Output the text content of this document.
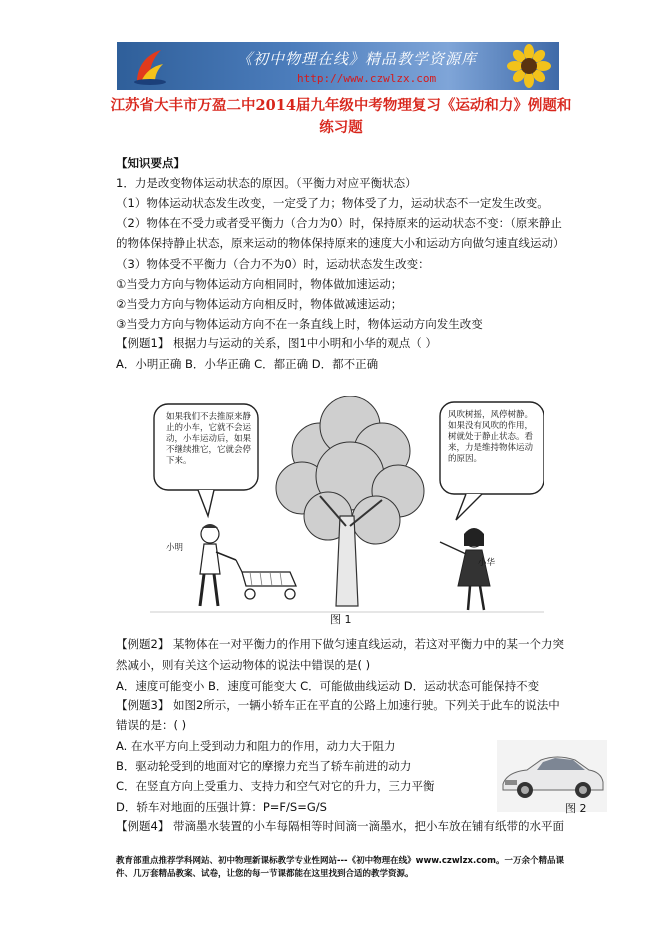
《初中物理在线》精品教学资源库
http://www.czwlzx.com
江苏省大丰市万盈二中2014届九年级中考物理复习《运动和力》例题和练习题
【知识要点】
1．力是改变物体运动状态的原因。（平衡力对应平衡状态）
（1）物体运动状态发生改变，一定受了力；物体受了力，运动状态不一定发生改变。
（2）物体在不受力或者受平衡力（合力为0）时，保持原来的运动状态不变：（原来静止
的物体保持静止状态，原来运动的物体保持原来的速度大小和运动方向做匀速直线运动）
（3）物体受不平衡力（合力不为0）时，运动状态发生改变：
①当受力方向与物体运动方向相同时，物体做加速运动；
②当受力方向与物体运动方向相反时，物体做减速运动；
③当受力方向与物体运动方向不在一条直线上时，物体运动方向发生改变
【例题1】 根据力与运动的关系，图1中小明和小华的观点（ ）
A．小明正确 B．小华正确 C．都正确 D．都不正确
如果我们不去推原来静止的小车，它就不会运动，小车运动后，如果不继续推它，它就会停下来。
风吹树摇，风停树静。如果没有风吹的作用，树就处于静止状态。看来，力是维持物体运动的原因。
小明
小华
图 1
【例题2】 某物体在一对平衡力的作用下做匀速直线运动，若这对平衡力中的某一个力突
然减小，则有关这个运动物体的说法中错误的是( )
A．速度可能变小 B．速度可能变大 C．可能做曲线运动 D．运动状态可能保持不变
【例题3】 如图2所示，一辆小轿车正在平直的公路上加速行驶。下列关于此车的说法中
错误的是：( )
A. 在水平方向上受到动力和阻力的作用，动力大于阻力
B．驱动轮受到的地面对它的摩擦力充当了轿车前进的动力
C．在竖直方向上受重力、支持力和空气对它的升力，三力平衡
D．轿车对地面的压强计算：P=F/S=G/S
【例题4】 带滴墨水装置的小车每隔相等时间滴一滴墨水，把小车放在铺有纸带的水平面
图 2
教育部重点推荐学科网站、初中物理新课标教学专业性网站---《初中物理在线》www.czwlzx.com。一万余个精品课件、几万套精品教案、试卷，让您的每一节课都能在这里找到合适的教学资源。
